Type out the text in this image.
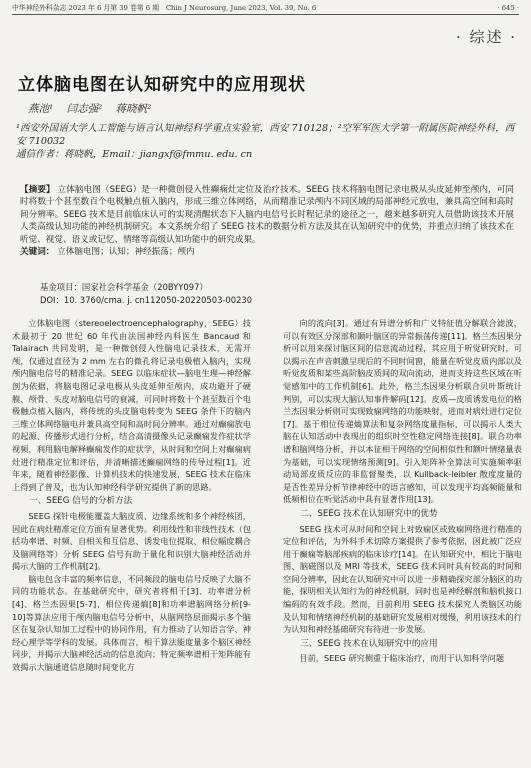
中华神经外科杂志 2023 年 6 月第 39 卷第 6 期　Chin J Neurosurg, June 2023, Vol. 39, No. 6	· 645 ·
· 综述 ·
立体脑电图在认知研究中的应用现状
燕池¹ 闫志强² 蒋晓帆²
¹西安外国语大学人工智能与语言认知神经科学重点实验室，西安 710128；²空军军医大学第一附属医院神经外科，西安 710032
通信作者：蒋晓帆，Email：jiangxf@fmmu. edu. cn
【摘要】 立体脑电图（SEEG）是一种微创侵入性癫痫灶定位及治疗技术。SEEG 技术将脑电图记录电极从头皮延伸至颅内，可同时将数十个甚至数百个电极触点植入脑内，形成三维立体网络，从而精准记录颅内不同区域的局部神经元放电，兼具高空间和高时间分辨率。SEEG 技术是目前临床认可的实现清醒状态下人脑内电信号长时程记录的途径之一，越来越多研究人员借助该技术开展人类高级认知功能的神经机制研究。本文系统介绍了 SEEG 技术的数据分析方法及其在认知研究中的优势，并重点归纳了该技术在听觉、视觉、语义或记忆、情绪等高级认知功能中的研究成果。
关键词： 立体脑电图；认知；神经振荡；颅内
基金项目：国家社会科学基金（20BYY097）
DOI：10. 3760/cma. j. cn112050-20220503-00230

立体脑电图（stereoelectroencephalography，SEEG）技术最初于 20 世纪 60 年代由法国神经内科医生 Bancaud 和 Talairach 共同发明，是一种微创侵入性脑电记录技术，无需开颅，仅通过直径为 2 mm 左右的微孔将记录电极植入脑内，实现颅内脑电信号的精准记录。SEEG 以临床症状—脑电生理—神经解剖为依据，将脑电图记录电极从头皮延伸至颅内，成功避开了硬膜、颅骨、头皮对脑电信号的衰减，可同时将数十个甚至数百个电极触点植入脑内，将传统的头皮脑电转变为 SEEG 条件下的脑内三维立体网络脑电并兼具高空间和高时间分辨率。通过对癫痫放电的起源、传播形式进行分析，结合高清摄像头记录癫痫发作症状学视频，利用脑电解释癫痫发作的症状学，从时间和空间上对癫痫病灶进行精准定位和评估，并清晰描述癫痫网络的传导过程[1]。近年来，随着神经影像、计算机技术的快速发展，SEEG 技术在临床上得到了普及，也为认知神经科学研究提供了新的思路。

一、SEEG 信号的分析方法

SEEG 探针电极能覆盖大脑皮质、边缘系统和多个神经核团，因此在病灶精准定位方面有显著优势。利用线性和非线性技术（包括功率谱、时频、自相关和互信息、诱发电位提取、相位幅度耦合及脑网络等）分析 SEEG 信号有助于量化和识别大脑神经活动并揭示大脑的工作机制[2]。

脑电包含丰富的频率信息，不同频段的脑电信号反映了大脑不同的功能状态。在基础研究中，研究者将相干[3]、功率谱分析[4]、格兰杰因果[5-7]、相位传递熵[8]和功率谱脑网络分析[9-10]等算法应用于颅内脑电信号分析中，从脑网络层面揭示多个脑区在复杂认知加工过程中的协同作用，有力推动了认知语言学、神经心理学等学科的发展。具体而言，相干算法能度量多个脑区神经同步，并揭示大脑神经活动的信息流向；特定频率谱相干矩阵能有效揭示大脑通道信息随时间变化方

向的流向[3]。通过有异谱分析和广义特征值分解联合滤波，可以有效区分深部和颞叶脑区的异常振荡传递[11]。格兰杰因果分析可以用来探讨脑区间的信息流动过程，其应用于听觉研究时，可以揭示在声音刺激呈现后的不同时间窗，能量在听觉皮质内部以及听觉皮质和某些高阶脑皮质间的双向流动，进而支持这些区域在听觉感知中的工作机制[6]。此外，格兰杰因果分析联合贝叶斯统计判别，可以实现大脑认知事件解码[12]。皮质—皮质诱发电位的格兰杰因果分析则可实现致痫网络的功能映射，进而对病灶进行定位[7]。基于相位传递熵算法和复杂网络度量指标，可以揭示人类大脑在认知活动中表现出的组织时空性稳定网络连接[8]。联合功率谱和脑网络分析，并以本征相干网络的空间相似性和额叶情绪量表为基础，可以实现情绪预测[9]。引入矩阵补全算法可实施频率驱动局部皮质反应的非监督聚类，以 Kullback-leibler 散度度量的是否性差异分析节律神经中的语言感知，可以发现平均高频能量和低频相位在听觉活动中具有显著作用[13]。

二、SEEG 技术在认知研究中的优势

SEEG 技术可从时间和空间上对致痫区或致痫网络进行精准的定位和评估，为外科手术切除方案提供了参考依据，因此被广泛应用于癫痫等脑部疾病的临床诊疗[14]。在认知研究中，相比于脑电图、脑磁图以及 MRI 等技术，SEEG 技术同时具有较高的时间和空间分辨率，因此在认知研究中可以进一步精确探究部分脑区的功能，探明相关认知行为的神经机制，同时也是神经解剖和脑机接口编码的有效手段。然而，目前利用 SEEG 技术探究人类脑区功能及认知和情绪神经机制的基础研究发展相对缓慢，利用该技术的行为认知和神经基础研究有待进一步发展。

三、SEEG 技术在认知研究中的应用

目前，SEEG 研究侧重于临床治疗，而用于认知科学问题
